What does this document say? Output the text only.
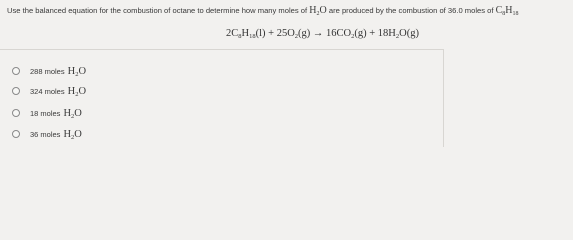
Use the balanced equation for the combustion of octane to determine how many moles of $H_2O$ are produced by the combustion of 36.0 moles of $C_8H_{18}$
$2C_8H_{18}(l) + 25O_2(g) \to 16CO_2(g) + 18H_2O(g)$
288 moles $H_2O$
324 moles $H_2O$
18 moles $H_2O$
36 moles $H_2O$
